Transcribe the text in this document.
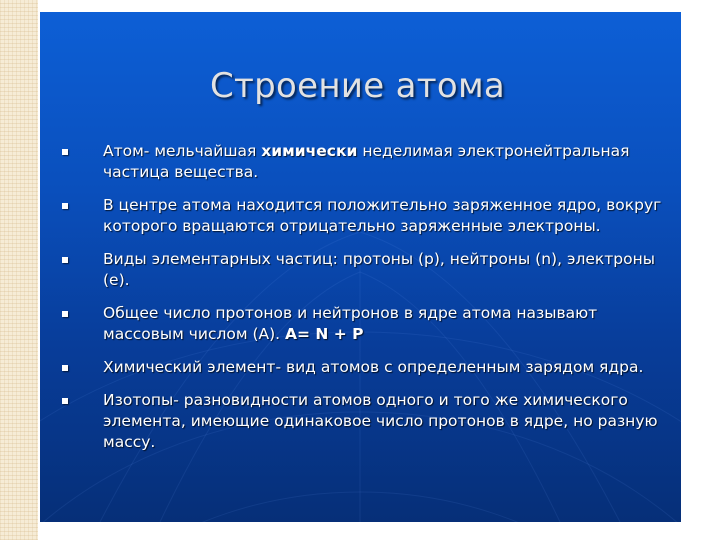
Строение атома
Атом- мельчайшая химически неделимая электронейтральная частица вещества.
В центре атома находится положительно заряженное ядро, вокруг которого вращаются отрицательно заряженные электроны.
Виды элементарных частиц: протоны (р), нейтроны (n), электроны (е).
Общее число протонов и нейтронов в ядре атома называют массовым числом (А). А= N + P
Химический элемент- вид атомов с определенным зарядом ядра.
Изотопы- разновидности атомов одного и того же химического элемента, имеющие одинаковое число протонов в ядре, но разную массу.
